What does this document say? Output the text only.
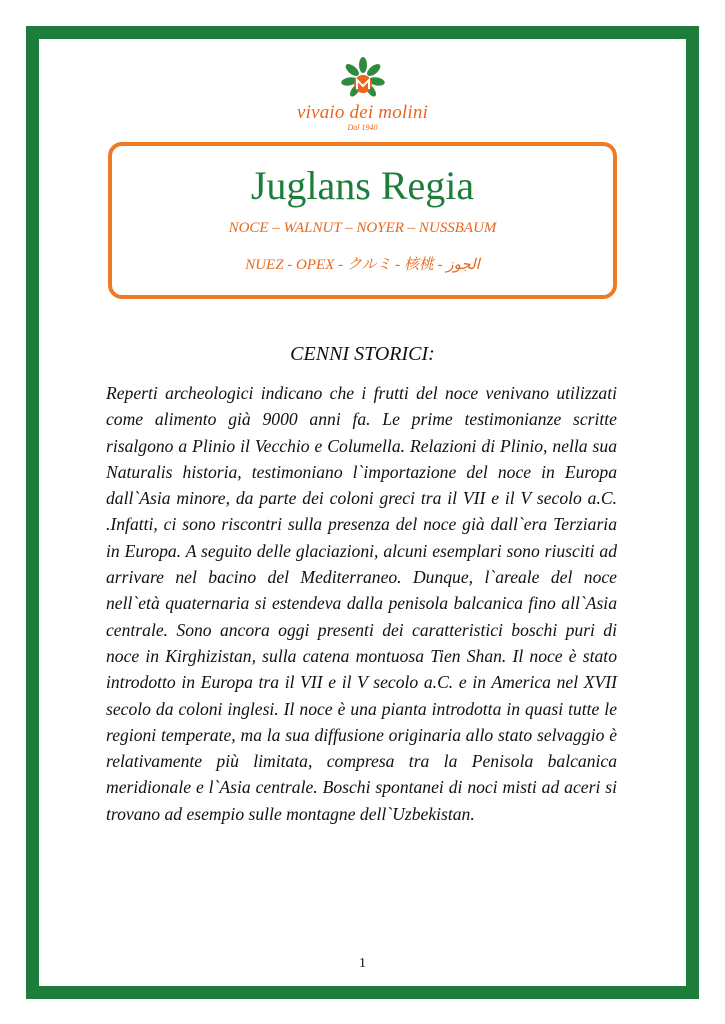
vivaio dei molini
Dal 1940
Juglans Regia
NOCE – WALNUT – NOYER – NUSSBAUM
NUEZ - OPEX - クルミ - 核桃 - الجوز
CENNI STORICI:
Reperti archeologici indicano che i frutti del noce venivano utilizzati come alimento già 9000 anni fa. Le prime testimonianze scritte risalgono a Plinio il Vecchio e Columella. Relazioni di Plinio, nella sua Naturalis historia, testimoniano l`importazione del noce in Europa dall`Asia minore, da parte dei coloni greci tra il VII e il V secolo a.C. .Infatti, ci sono riscontri sulla presenza del noce già dall`era Terziaria in Europa. A seguito delle glaciazioni, alcuni esemplari sono riusciti ad arrivare nel bacino del Mediterraneo. Dunque, l`areale del noce nell`età quaternaria si estendeva dalla penisola balcanica fino all`Asia centrale. Sono ancora oggi presenti dei caratteristici boschi puri di noce in Kirghizistan, sulla catena montuosa Tien Shan. Il noce è stato introdotto in Europa tra il VII e il V secolo a.C. e in America nel XVII secolo da coloni inglesi. Il noce è una pianta introdotta in quasi tutte le regioni temperate, ma la sua diffusione originaria allo stato selvaggio è relativamente più limitata, compresa tra la Penisola balcanica meridionale e l`Asia centrale. Boschi spontanei di noci misti ad aceri si trovano ad esempio sulle montagne dell`Uzbekistan.
1
